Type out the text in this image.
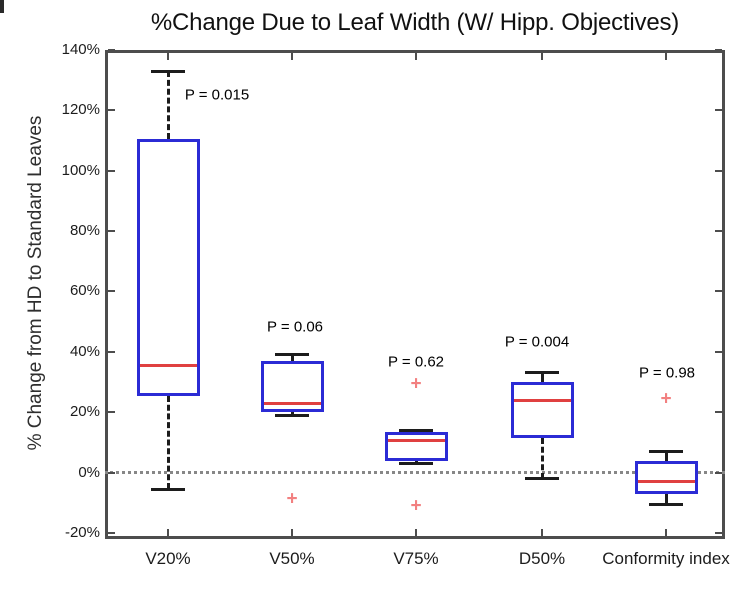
%Change Due to Leaf Width (W/ Hipp. Objectives)
% Change from HD to Standard Leaves
140%
120%
100%
80%
60%
40%
20%
0%
-20%
V20%	V50%	V75%	D50%	Conformity index
+
+
+
+
P = 0.015
P = 0.06
P = 0.62
P = 0.004
P = 0.98
